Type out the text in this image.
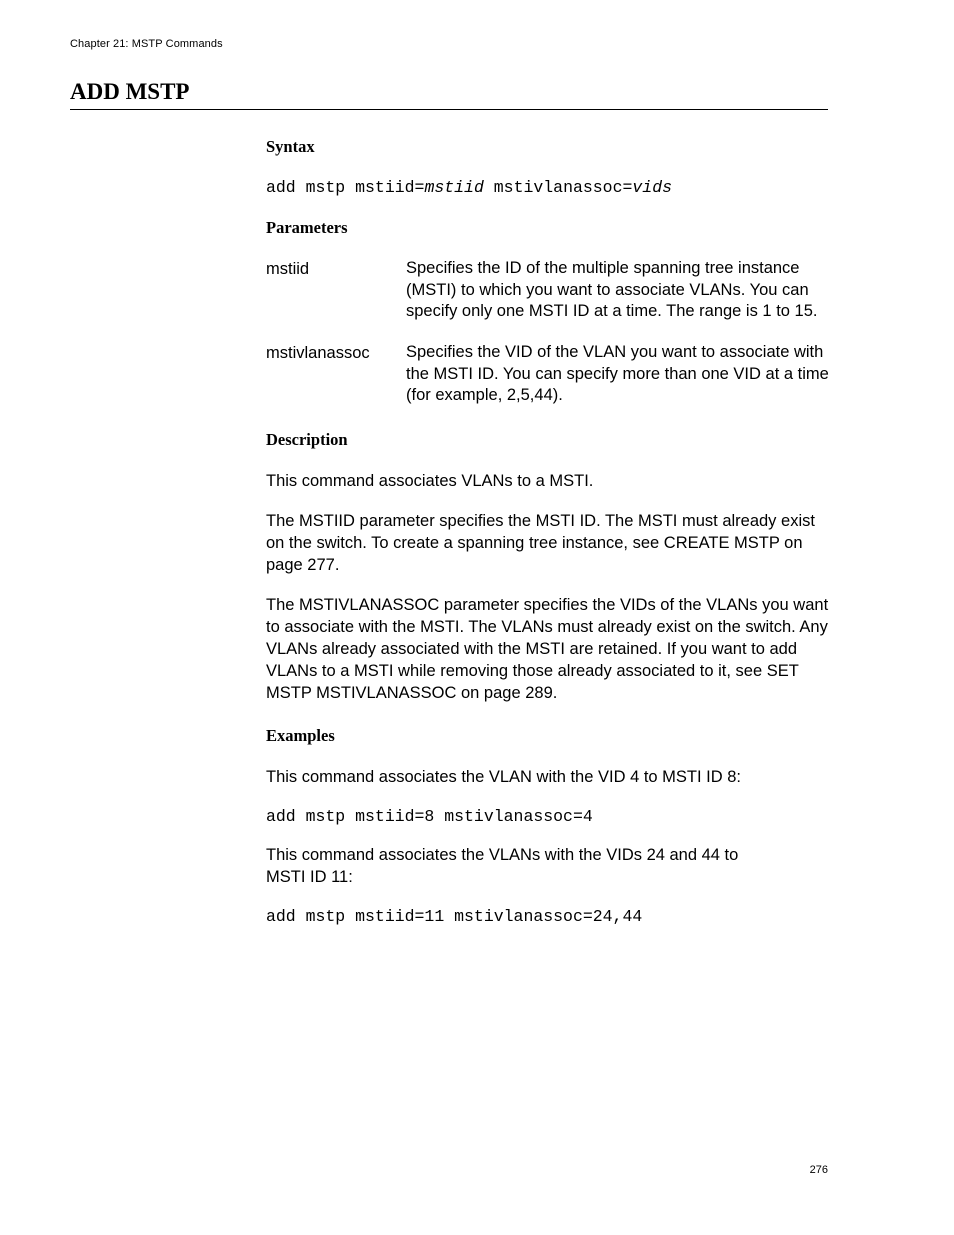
Chapter 21: MSTP Commands
ADD MSTP
Syntax
add mstp mstiid=mstiid mstivlanassoc=vids
Parameters
mstiid	Specifies the ID of the multiple spanning tree instance (MSTI) to which you want to associate VLANs. You can specify only one MSTI ID at a time. The range is 1 to 15.
mstivlanassoc Specifies the VID of the VLAN you want to associate with the MSTI ID. You can specify more than one VID at a time (for example, 2,5,44).
Description

This command associates VLANs to a MSTI.

The MSTIID parameter specifies the MSTI ID. The MSTI must already exist on the switch. To create a spanning tree instance, see CREATE MSTP on page 277.

The MSTIVLANASSOC parameter specifies the VIDs of the VLANs you want to associate with the MSTI. The VLANs must already exist on the switch. Any VLANs already associated with the MSTI are retained. If you want to add VLANs to a MSTI while removing those already associated to it, see SET MSTP MSTIVLANASSOC on page 289.

Examples

This command associates the VLAN with the VID 4 to MSTI ID 8:

add mstp mstiid=8 mstivlanassoc=4

This command associates the VLANs with the VIDs 24 and 44 to
MSTI ID 11:

add mstp mstiid=11 mstivlanassoc=24,44
276
